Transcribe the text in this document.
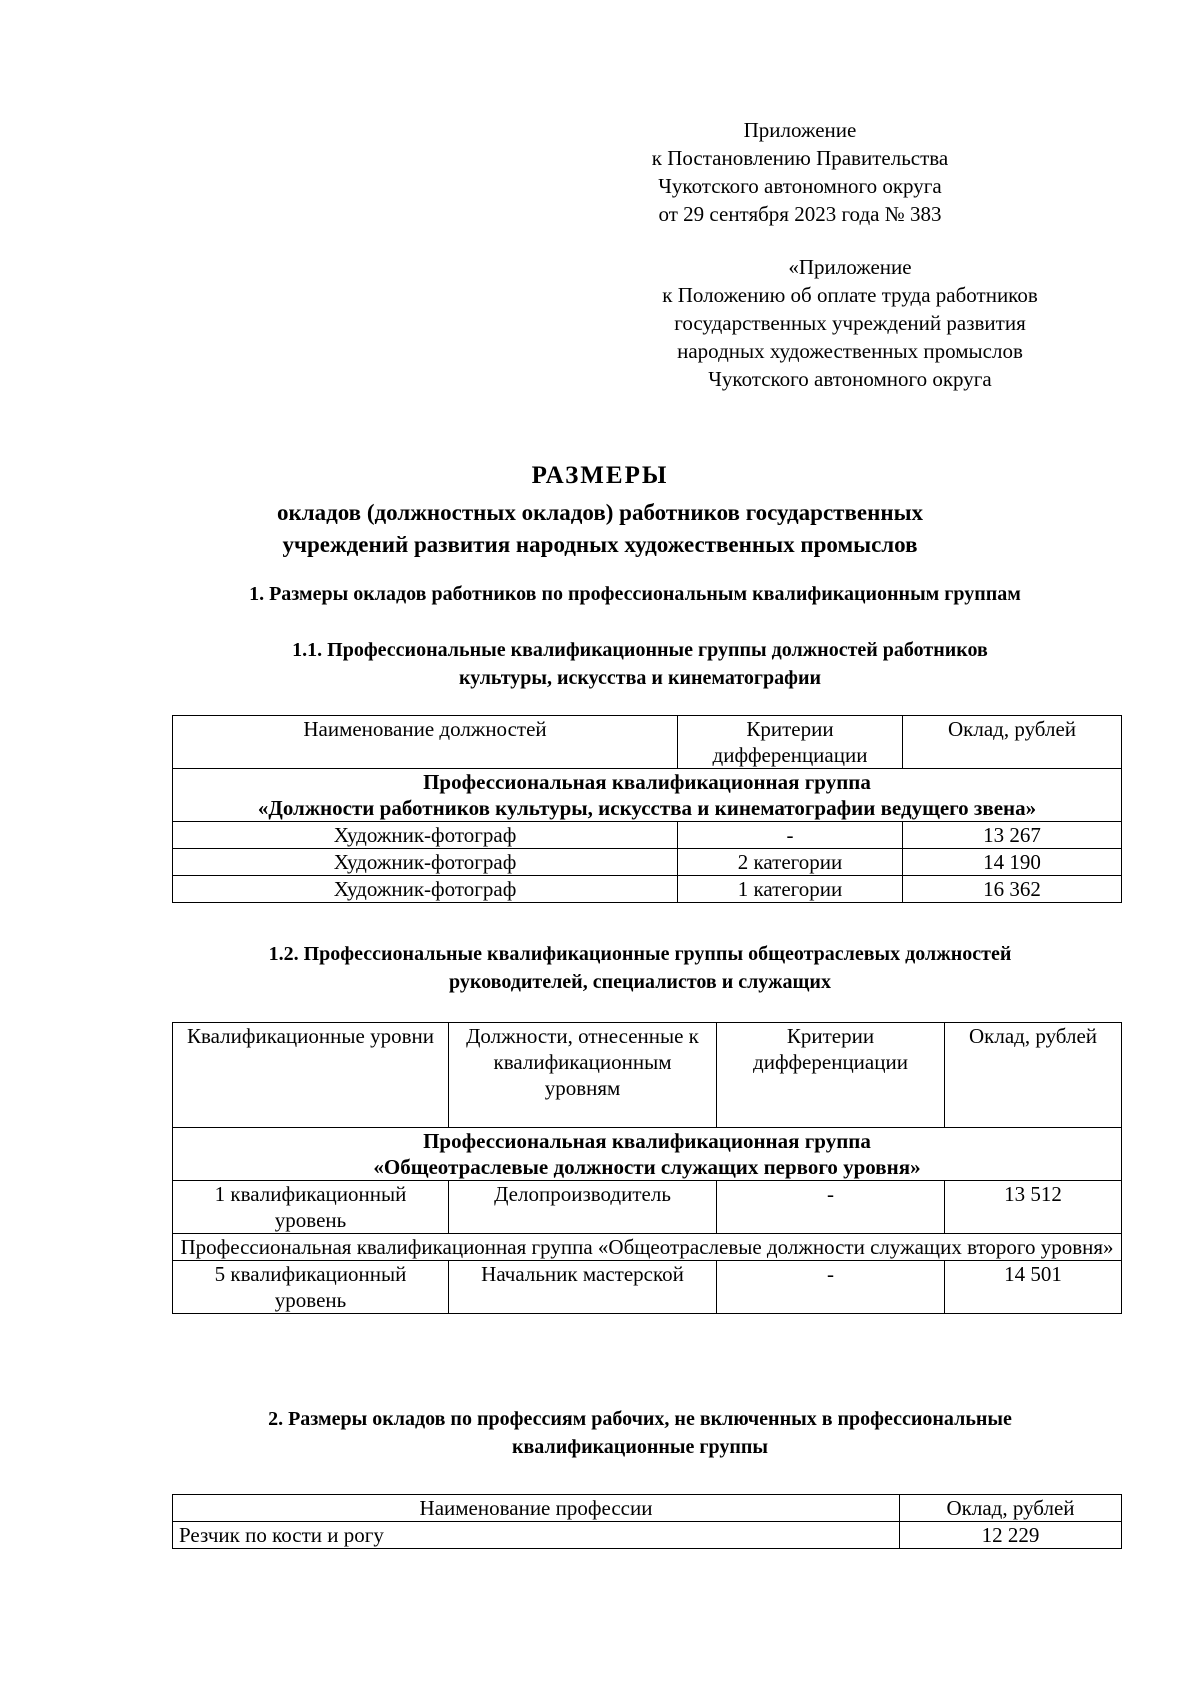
Приложение
к Постановлению Правительства
Чукотского автономного округа
от 29 сентября 2023 года № 383
«Приложение
к Положению об оплате труда работников
государственных учреждений развития
народных художественных промыслов
Чукотского автономного округа
РАЗМЕРЫ
окладов (должностных окладов) работников государственных
учреждений развития народных художественных промыслов
1. Размеры окладов работников по профессиональным квалификационным группам
1.1. Профессиональные квалификационные группы должностей работников
культуры, искусства и кинематографии
Наименование должностей	Критерии дифференциации	Оклад, рублей

Профессиональная квалификационная группа
«Должности работников культуры, искусства и кинематографии ведущего звена»		

Художник-фотограф	-	13 267
Художник-фотограф	2 категории	14 190
Художник-фотограф	1 категории	16 362
1.2. Профессиональные квалификационные группы общеотраслевых должностей
руководителей, специалистов и служащих
Квалификационные уровни	Должности, отнесенные к квалификационным уровням	Критерии дифференциации	Оклад, рублей

Профессиональная квалификационная группа
«Общеотраслевые должности служащих первого уровня»			

1 квалификационный уровень	Делопроизводитель	-	13 512
Профессиональная квалификационная группа «Общеотраслевые должности служащих второго уровня»			
5 квалификационный уровень	Начальник мастерской	-	14 501
2. Размеры окладов по профессиям рабочих, не включенных в профессиональные
квалификационные группы
Наименование профессии	Оклад, рублей
Резчик по кости и рогу	12 229
